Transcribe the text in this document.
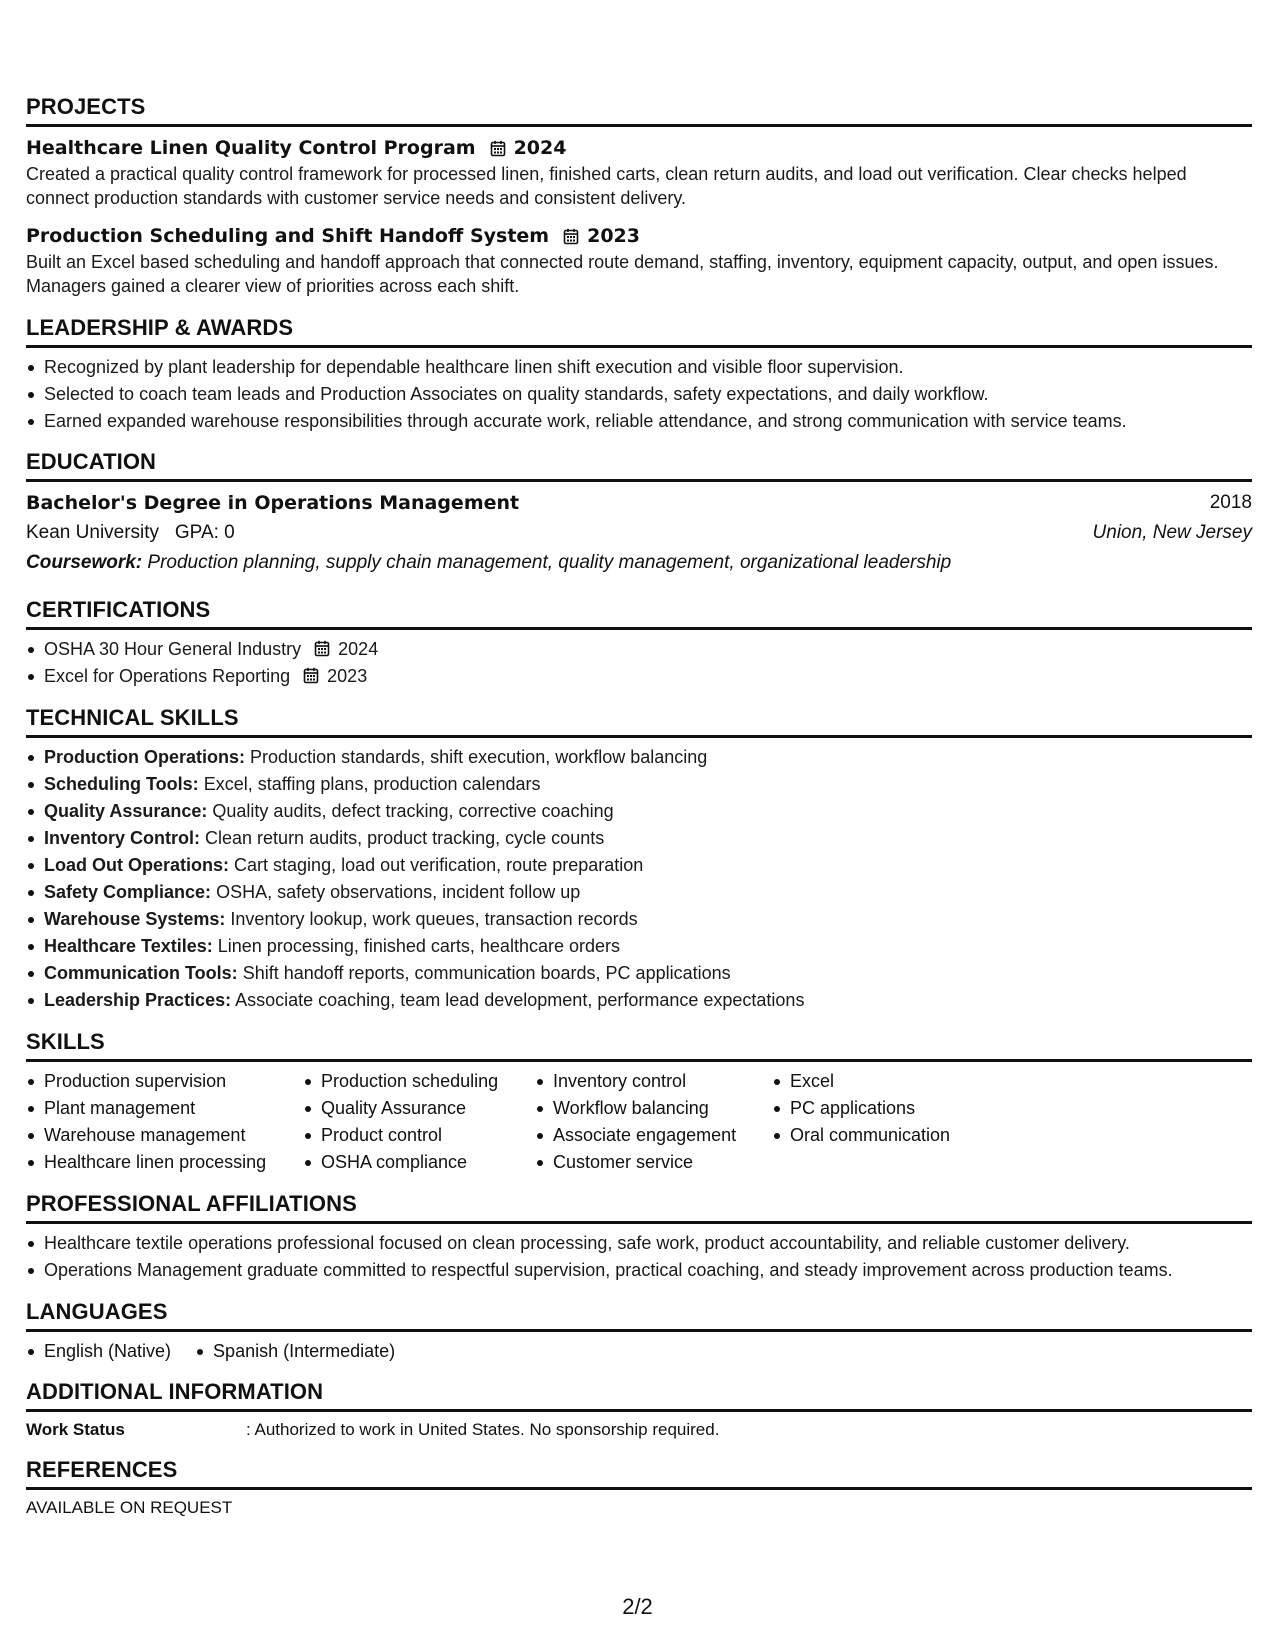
PROJECTS
Healthcare Linen Quality Control Program 2024

Created a practical quality control framework for processed linen, finished carts, clean return audits, and load out verification. Clear checks helped connect production standards with customer service needs and consistent delivery.

Production Scheduling and Shift Handoff System 2023

Built an Excel based scheduling and handoff approach that connected route demand, staffing, inventory, equipment capacity, output, and open issues. Managers gained a clearer view of priorities across each shift.

LEADERSHIP & AWARDS
Recognized by plant leadership for dependable healthcare linen shift execution and visible floor supervision.
Selected to coach team leads and Production Associates on quality standards, safety expectations, and daily workflow.
Earned expanded warehouse responsibilities through accurate work, reliable attendance, and strong communication with service teams.
EDUCATION
Bachelor's Degree in Operations Management	2018
Kean University GPA: 0	Union, New Jersey
Coursework: Production planning, supply chain management, quality management, organizational leadership
CERTIFICATIONS
OSHA 30 Hour General Industry 2024
Excel for Operations Reporting 2023
TECHNICAL SKILLS
Production Operations: Production standards, shift execution, workflow balancing
Scheduling Tools: Excel, staffing plans, production calendars
Quality Assurance: Quality audits, defect tracking, corrective coaching
Inventory Control: Clean return audits, product tracking, cycle counts
Load Out Operations: Cart staging, load out verification, route preparation
Safety Compliance: OSHA, safety observations, incident follow up
Warehouse Systems: Inventory lookup, work queues, transaction records
Healthcare Textiles: Linen processing, finished carts, healthcare orders
Communication Tools: Shift handoff reports, communication boards, PC applications
Leadership Practices: Associate coaching, team lead development, performance expectations
SKILLS
Production supervision
Plant management
Warehouse management
Healthcare linen processing
Production scheduling
Quality Assurance
Product control
OSHA compliance
Inventory control
Workflow balancing
Associate engagement
Customer service
Excel
PC applications
Oral communication
PROFESSIONAL AFFILIATIONS
Healthcare textile operations professional focused on clean processing, safe work, product accountability, and reliable customer delivery.
Operations Management graduate committed to respectful supervision, practical coaching, and steady improvement across production teams.
LANGUAGES
English (Native)	Spanish (Intermediate)
ADDITIONAL INFORMATION
Work Status	: Authorized to work in United States. No sponsorship required.
REFERENCES
AVAILABLE ON REQUEST
2/2
